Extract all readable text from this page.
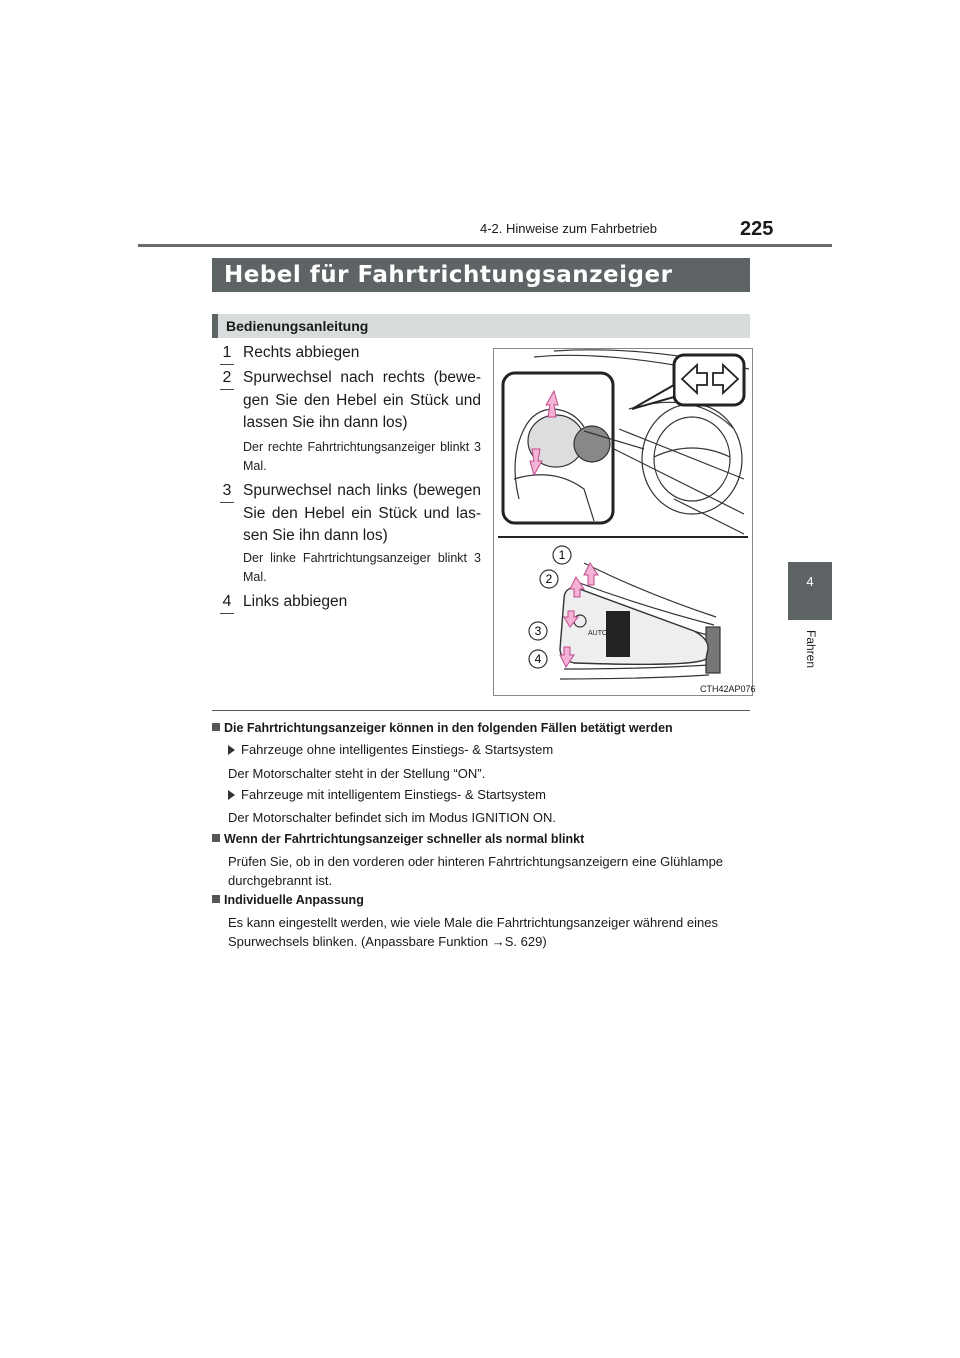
4-2. Hinweise zum Fahrbetrieb	225
4
Fahren
Hebel für Fahrtrichtungsanzeiger
Bedienungsanleitung
1 Rechts abbiegen
2 Spurwechsel nach rechts (bewe-gen Sie den Hebel ein Stück und lassen Sie ihn dann los)
Der rechte Fahrtrichtungsanzeiger blinkt 3 Mal.
3 Spurwechsel nach links (bewegen Sie den Hebel ein Stück und las-sen Sie ihn dann los)
Der linke Fahrtrichtungsanzeiger blinkt 3 Mal.
4 Links abbiegen
AUTO
1
2
3
4
CTH42AP076
Die Fahrtrichtungsanzeiger können in den folgenden Fällen betätigt werden
Fahrzeuge ohne intelligentes Einstiegs- & Startsystem
Der Motorschalter steht in der Stellung “ON”.
Fahrzeuge mit intelligentem Einstiegs- & Startsystem
Der Motorschalter befindet sich im Modus IGNITION ON.
Wenn der Fahrtrichtungsanzeiger schneller als normal blinkt
Prüfen Sie, ob in den vorderen oder hinteren Fahrtrichtungsanzeigern eine Glühlampe durchgebrannt ist.
Individuelle Anpassung
Es kann eingestellt werden, wie viele Male die Fahrtrichtungsanzeiger während eines Spurwechsels blinken. (Anpassbare Funktion →S. 629)
